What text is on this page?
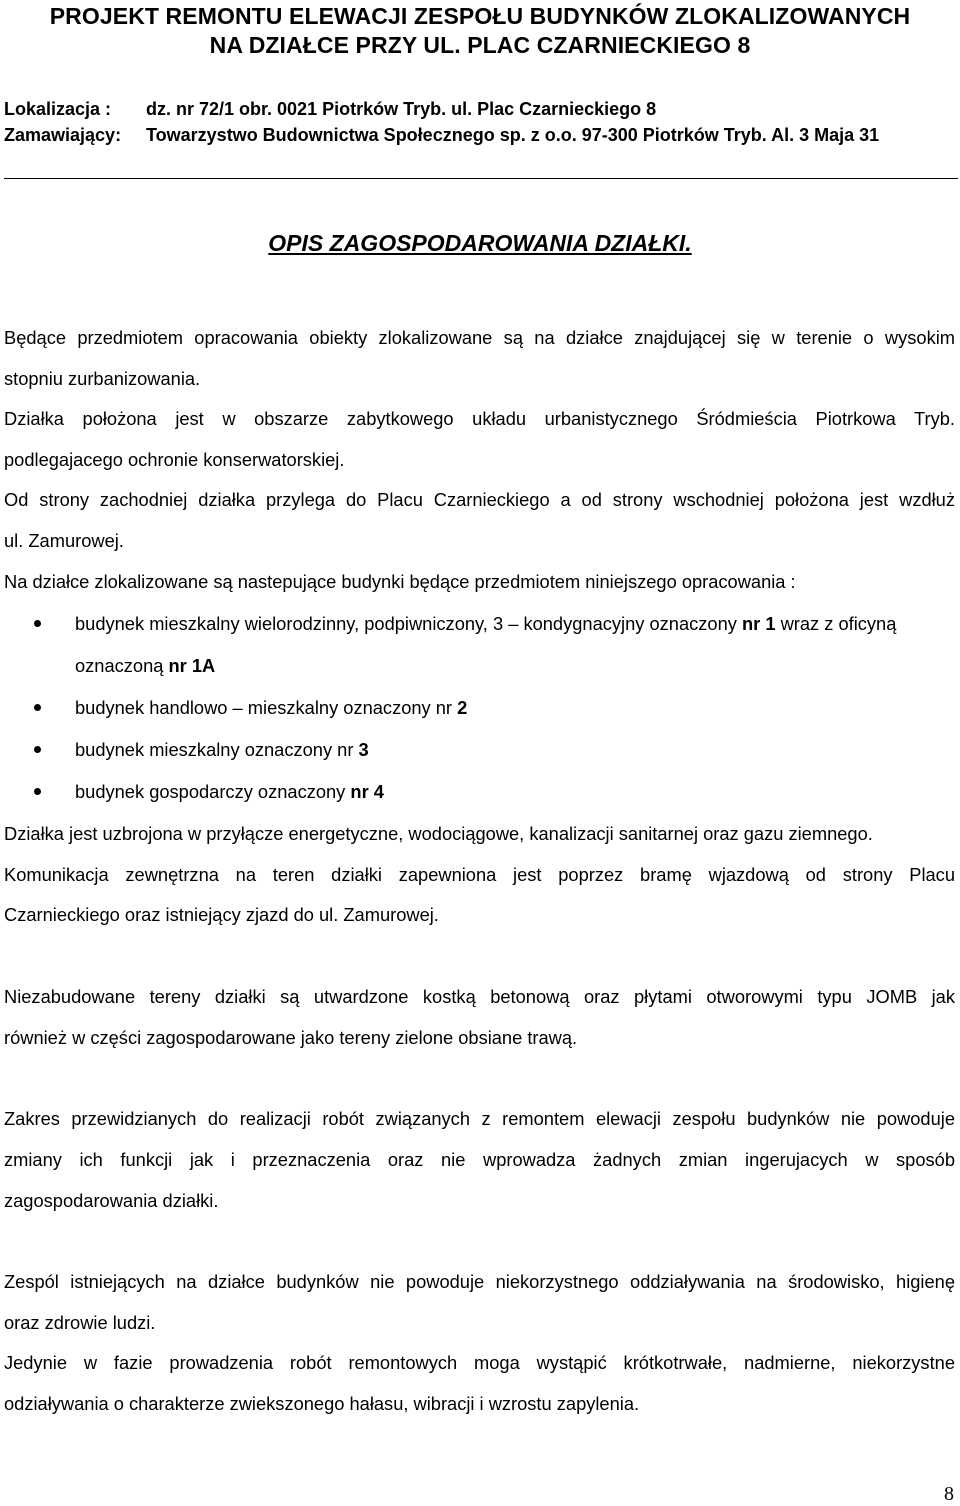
PROJEKT REMONTU ELEWACJI ZESPOŁU BUDYNKÓW ZLOKALIZOWANYCH
NA DZIAŁCE PRZY UL. PLAC CZARNIECKIEGO 8
Lokalizacja : dz. nr 72/1 obr. 0021 Piotrków Tryb. ul. Plac Czarnieckiego 8
Zamawiający: Towarzystwo Budownictwa Społecznego sp. z o.o. 97-300 Piotrków Tryb. Al. 3 Maja 31
OPIS ZAGOSPODAROWANIA DZIAŁKI.
Będące przedmiotem opracowania obiekty zlokalizowane są na działce znajdującej się w terenie o wysokim
stopniu zurbanizowania.
Działka położona jest w obszarze zabytkowego układu urbanistycznego Śródmieścia Piotrkowa Tryb.
podlegajacego ochronie konserwatorskiej.
Od strony zachodniej działka przylega do Placu Czarnieckiego a od strony wschodniej położona jest wzdłuż
ul. Zamurowej.
Na działce zlokalizowane są nastepujące budynki będące przedmiotem niniejszego opracowania :
budynek mieszkalny wielorodzinny, podpiwniczony, 3 – kondygnacyjny oznaczony nr 1 wraz z oficyną
oznaczoną nr 1A
budynek handlowo – mieszkalny oznaczony nr 2
budynek mieszkalny oznaczony nr 3
budynek gospodarczy oznaczony nr 4
Działka jest uzbrojona w przyłącze energetyczne, wodociągowe, kanalizacji sanitarnej oraz gazu ziemnego.
Komunikacja zewnętrzna na teren działki zapewniona jest poprzez bramę wjazdową od strony Placu
Czarnieckiego oraz istniejący zjazd do ul. Zamurowej.
Niezabudowane tereny działki są utwardzone kostką betonową oraz płytami otworowymi typu JOMB jak
również w części zagospodarowane jako tereny zielone obsiane trawą.
Zakres przewidzianych do realizacji robót związanych z remontem elewacji zespołu budynków nie powoduje
zmiany ich funkcji jak i przeznaczenia oraz nie wprowadza żadnych zmian ingerujacych w sposób
zagospodarowania działki.
Zespól istniejących na działce budynków nie powoduje niekorzystnego oddziaływania na środowisko, higienę
oraz zdrowie ludzi.
Jedynie w fazie prowadzenia robót remontowych moga wystąpić krótkotrwałe, nadmierne, niekorzystne
odziaływania o charakterze zwiekszonego hałasu, wibracji i wzrostu zapylenia.
8
